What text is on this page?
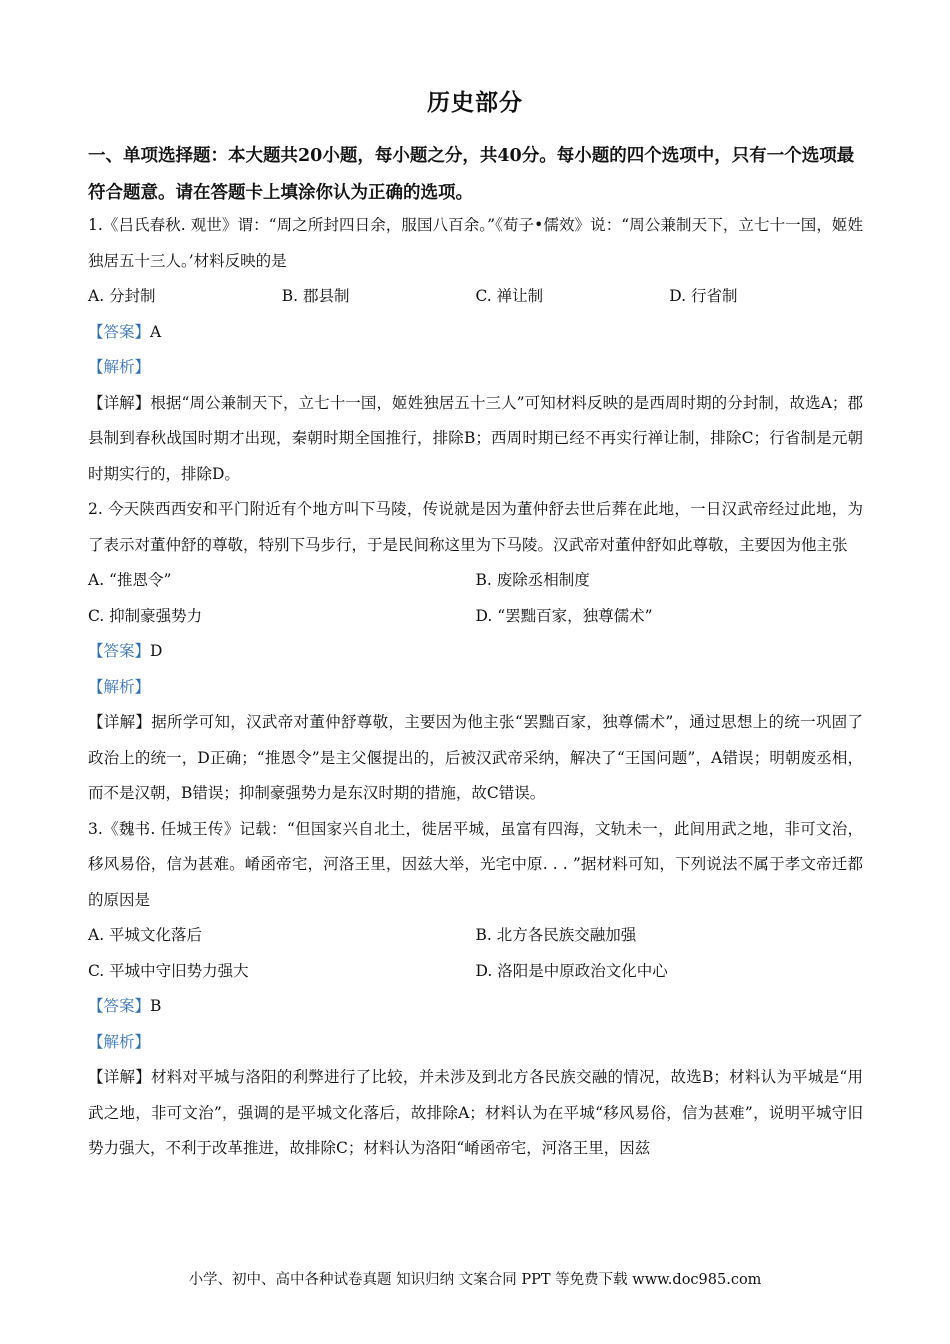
历史部分
一、单项选择题：本大题共20小题，每小题之分，共40分。每小题的四个选项中，只有一个选项最符合题意。请在答题卡上填涂你认为正确的选项。

1.《吕氏春秋. 观世》谓：“周之所封四日余，服国八百余。”《荀子•儒效》说：“周公兼制天下，立七十一国，姬姓独居五十三人。’材料反映的是

A. 分封制	B. 郡县制	C. 禅让制	D. 行省制

【答案】A

【解析】

【详解】根据“周公兼制天下，立七十一国，姬姓独居五十三人”可知材料反映的是西周时期的分封制，故选A；郡县制到春秋战国时期才出现，秦朝时期全国推行，排除B；西周时期已经不再实行禅让制，排除C；行省制是元朝时期实行的，排除D。

2. 今天陕西西安和平门附近有个地方叫下马陵，传说就是因为董仲舒去世后葬在此地，一日汉武帝经过此地，为了表示对董仲舒的尊敬，特别下马步行，于是民间称这里为下马陵。汉武帝对董仲舒如此尊敬，主要因为他主张

A. “推恩令”	B. 废除丞相制度
C. 抑制豪强势力	D. “罢黜百家，独尊儒术”

【答案】D

【解析】

【详解】据所学可知，汉武帝对董仲舒尊敬，主要因为他主张“罢黜百家，独尊儒术”，通过思想上的统一巩固了政治上的统一，D正确；“推恩令”是主父偃提出的，后被汉武帝采纳，解决了“王国问题”，A错误；明朝废丞相，而不是汉朝，B错误；抑制豪强势力是东汉时期的措施，故C错误。

3.《魏书. 任城王传》记载：“但国家兴自北土，徙居平城，虽富有四海，文轨未一，此间用武之地，非可文治，移风易俗，信为甚难。崤函帝宅，河洛王里，因兹大举，光宅中原. . . ”据材料可知，下列说法不属于孝文帝迁都的原因是

A. 平城文化落后	B. 北方各民族交融加强
C. 平城中守旧势力强大	D. 洛阳是中原政治文化中心

【答案】B

【解析】

【详解】材料对平城与洛阳的利弊进行了比较，并未涉及到北方各民族交融的情况，故选B；材料认为平城是“用武之地，非可文治”，强调的是平城文化落后，故排除A；材料认为在平城“移风易俗，信为甚难”，说明平城守旧势力强大，不利于改革推进，故排除C；材料认为洛阳“崤函帝宅，河洛王里，因兹

小学、初中、高中各种试卷真题 知识归纳 文案合同 PPT 等免费下载 www.doc985.com
